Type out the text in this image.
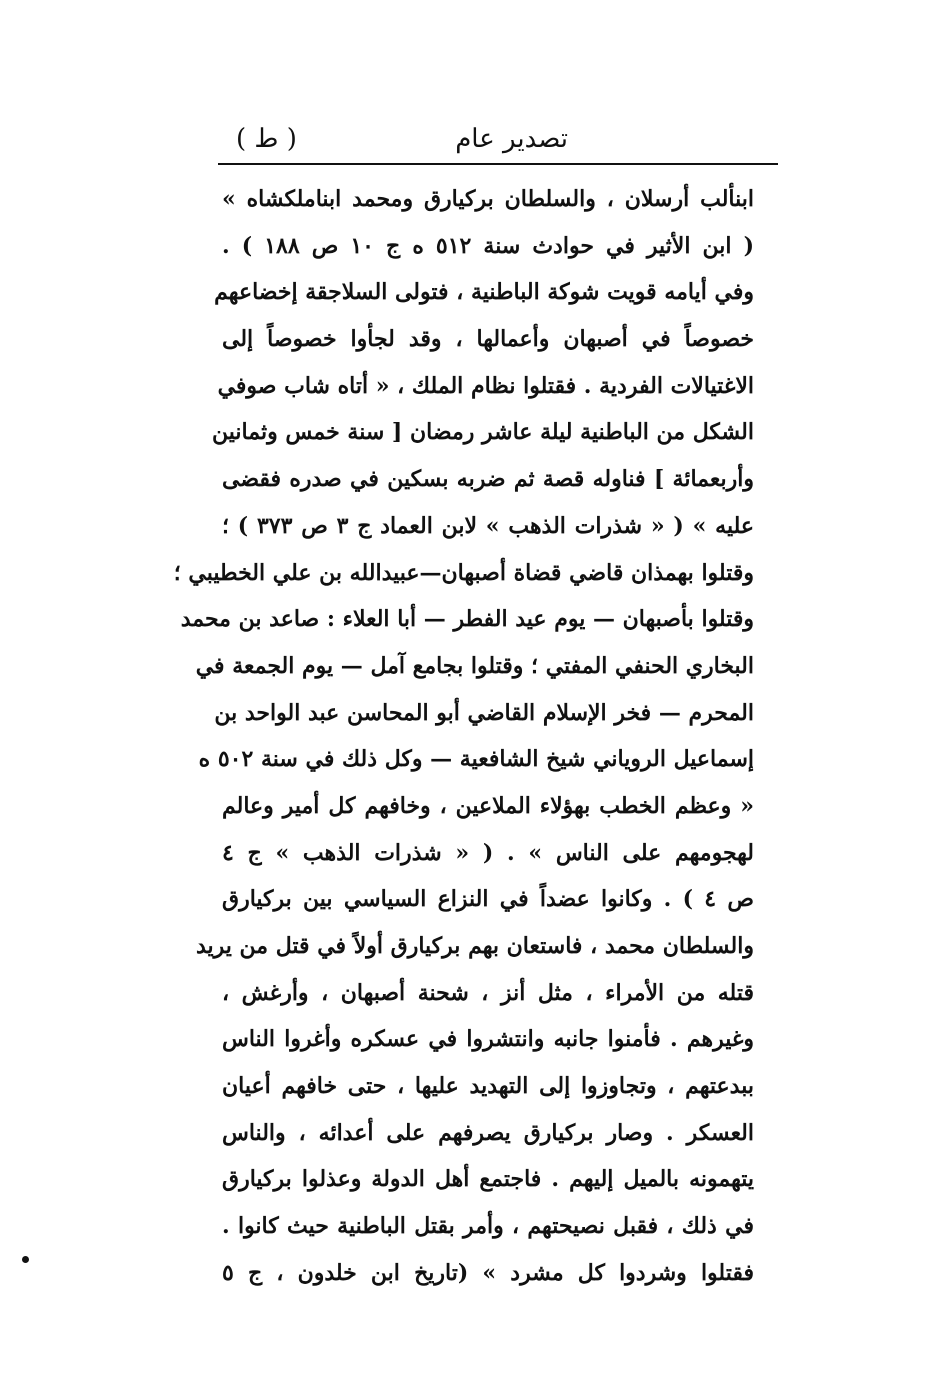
تصدير عام
( ط )
ابنألب أرسلان ، والسلطان بركيارق ومحمد ابناملكشاه »
( ابن الأثير في حوادث سنة ٥١٢ ه ج ١٠ ص ١٨٨ ) .
وفي أيامه قويت شوكة الباطنية ، فتولى السلاجقة إخضاعهم
خصوصاً في أصبهان وأعمالها ، وقد لجأوا خصوصاً إلى
الاغتيالات الفردية . فقتلوا نظام الملك ، « أتاه شاب صوفي
الشكل من الباطنية ليلة عاشر رمضان [ سنة خمس وثمانين
وأربعمائة ] فناوله قصة ثم ضربه بسكين في صدره فقضى
عليه » ( « شذرات الذهب » لابن العماد ج ٣ ص ٣٧٣ ) ؛
وقتلوا بهمذان قاضي قضاة أصبهان—عبيدالله بن علي الخطيبي ؛
وقتلوا بأصبهان — يوم عيد الفطر — أبا العلاء : صاعد بن محمد
البخاري الحنفي المفتي ؛ وقتلوا بجامع آمل — يوم الجمعة في
المحرم — فخر الإسلام القاضي أبو المحاسن عبد الواحد بن
إسماعيل الروياني شيخ الشافعية — وكل ذلك في سنة ٥٠٢ ه
« وعظم الخطب بهؤلاء الملاعين ، وخافهم كل أمير وعالم
لهجومهم على الناس » . ( « شذرات الذهب » ج ٤
ص ٤ ) . وكانوا عضداً في النزاع السياسي بين بركيارق
والسلطان محمد ، فاستعان بهم بركيارق أولاً في قتل من يريد
قتله من الأمراء ، مثل أنز ، شحنة أصبهان ، وأرغش ،
وغيرهم . فأمنوا جانبه وانتشروا في عسكره وأغروا الناس
ببدعتهم ، وتجاوزوا إلى التهديد عليها ، حتى خافهم أعيان
العسكر . وصار بركيارق يصرفهم على أعدائه ، والناس
يتهمونه بالميل إليهم . فاجتمع أهل الدولة وعذلوا بركيارق
في ذلك ، فقبل نصيحتهم ، وأمر بقتل الباطنية حيث كانوا .
فقتلوا وشردوا كل مشرد » (تاريخ ابن خلدون ، ج ٥
